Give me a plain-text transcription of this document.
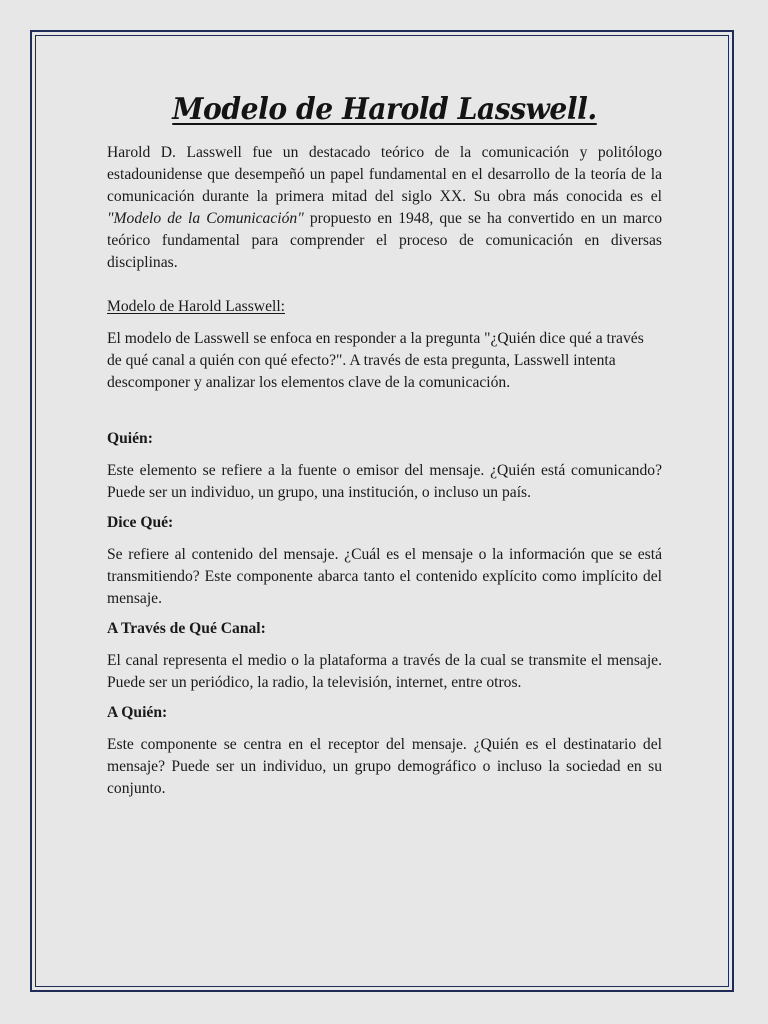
Modelo de Harold Lasswell.

Harold D. Lasswell fue un destacado teórico de la comunicación y politólogo estadounidense que desempeñó un papel fundamental en el desarrollo de la teoría de la comunicación durante la primera mitad del siglo XX. Su obra más conocida es el "Modelo de la Comunicación" propuesto en 1948, que se ha convertido en un marco teórico fundamental para comprender el proceso de comunicación en diversas disciplinas.

Modelo de Harold Lasswell:

El modelo de Lasswell se enfoca en responder a la pregunta "¿Quién dice qué a través de qué canal a quién con qué efecto?". A través de esta pregunta, Lasswell intenta descomponer y analizar los elementos clave de la comunicación.

Quién:

Este elemento se refiere a la fuente o emisor del mensaje. ¿Quién está comunicando? Puede ser un individuo, un grupo, una institución, o incluso un país.

Dice Qué:

Se refiere al contenido del mensaje. ¿Cuál es el mensaje o la información que se está transmitiendo? Este componente abarca tanto el contenido explícito como implícito del mensaje.

A Través de Qué Canal:

El canal representa el medio o la plataforma a través de la cual se transmite el mensaje. Puede ser un periódico, la radio, la televisión, internet, entre otros.

A Quién:

Este componente se centra en el receptor del mensaje. ¿Quién es el destinatario del mensaje? Puede ser un individuo, un grupo demográfico o incluso la sociedad en su conjunto.
